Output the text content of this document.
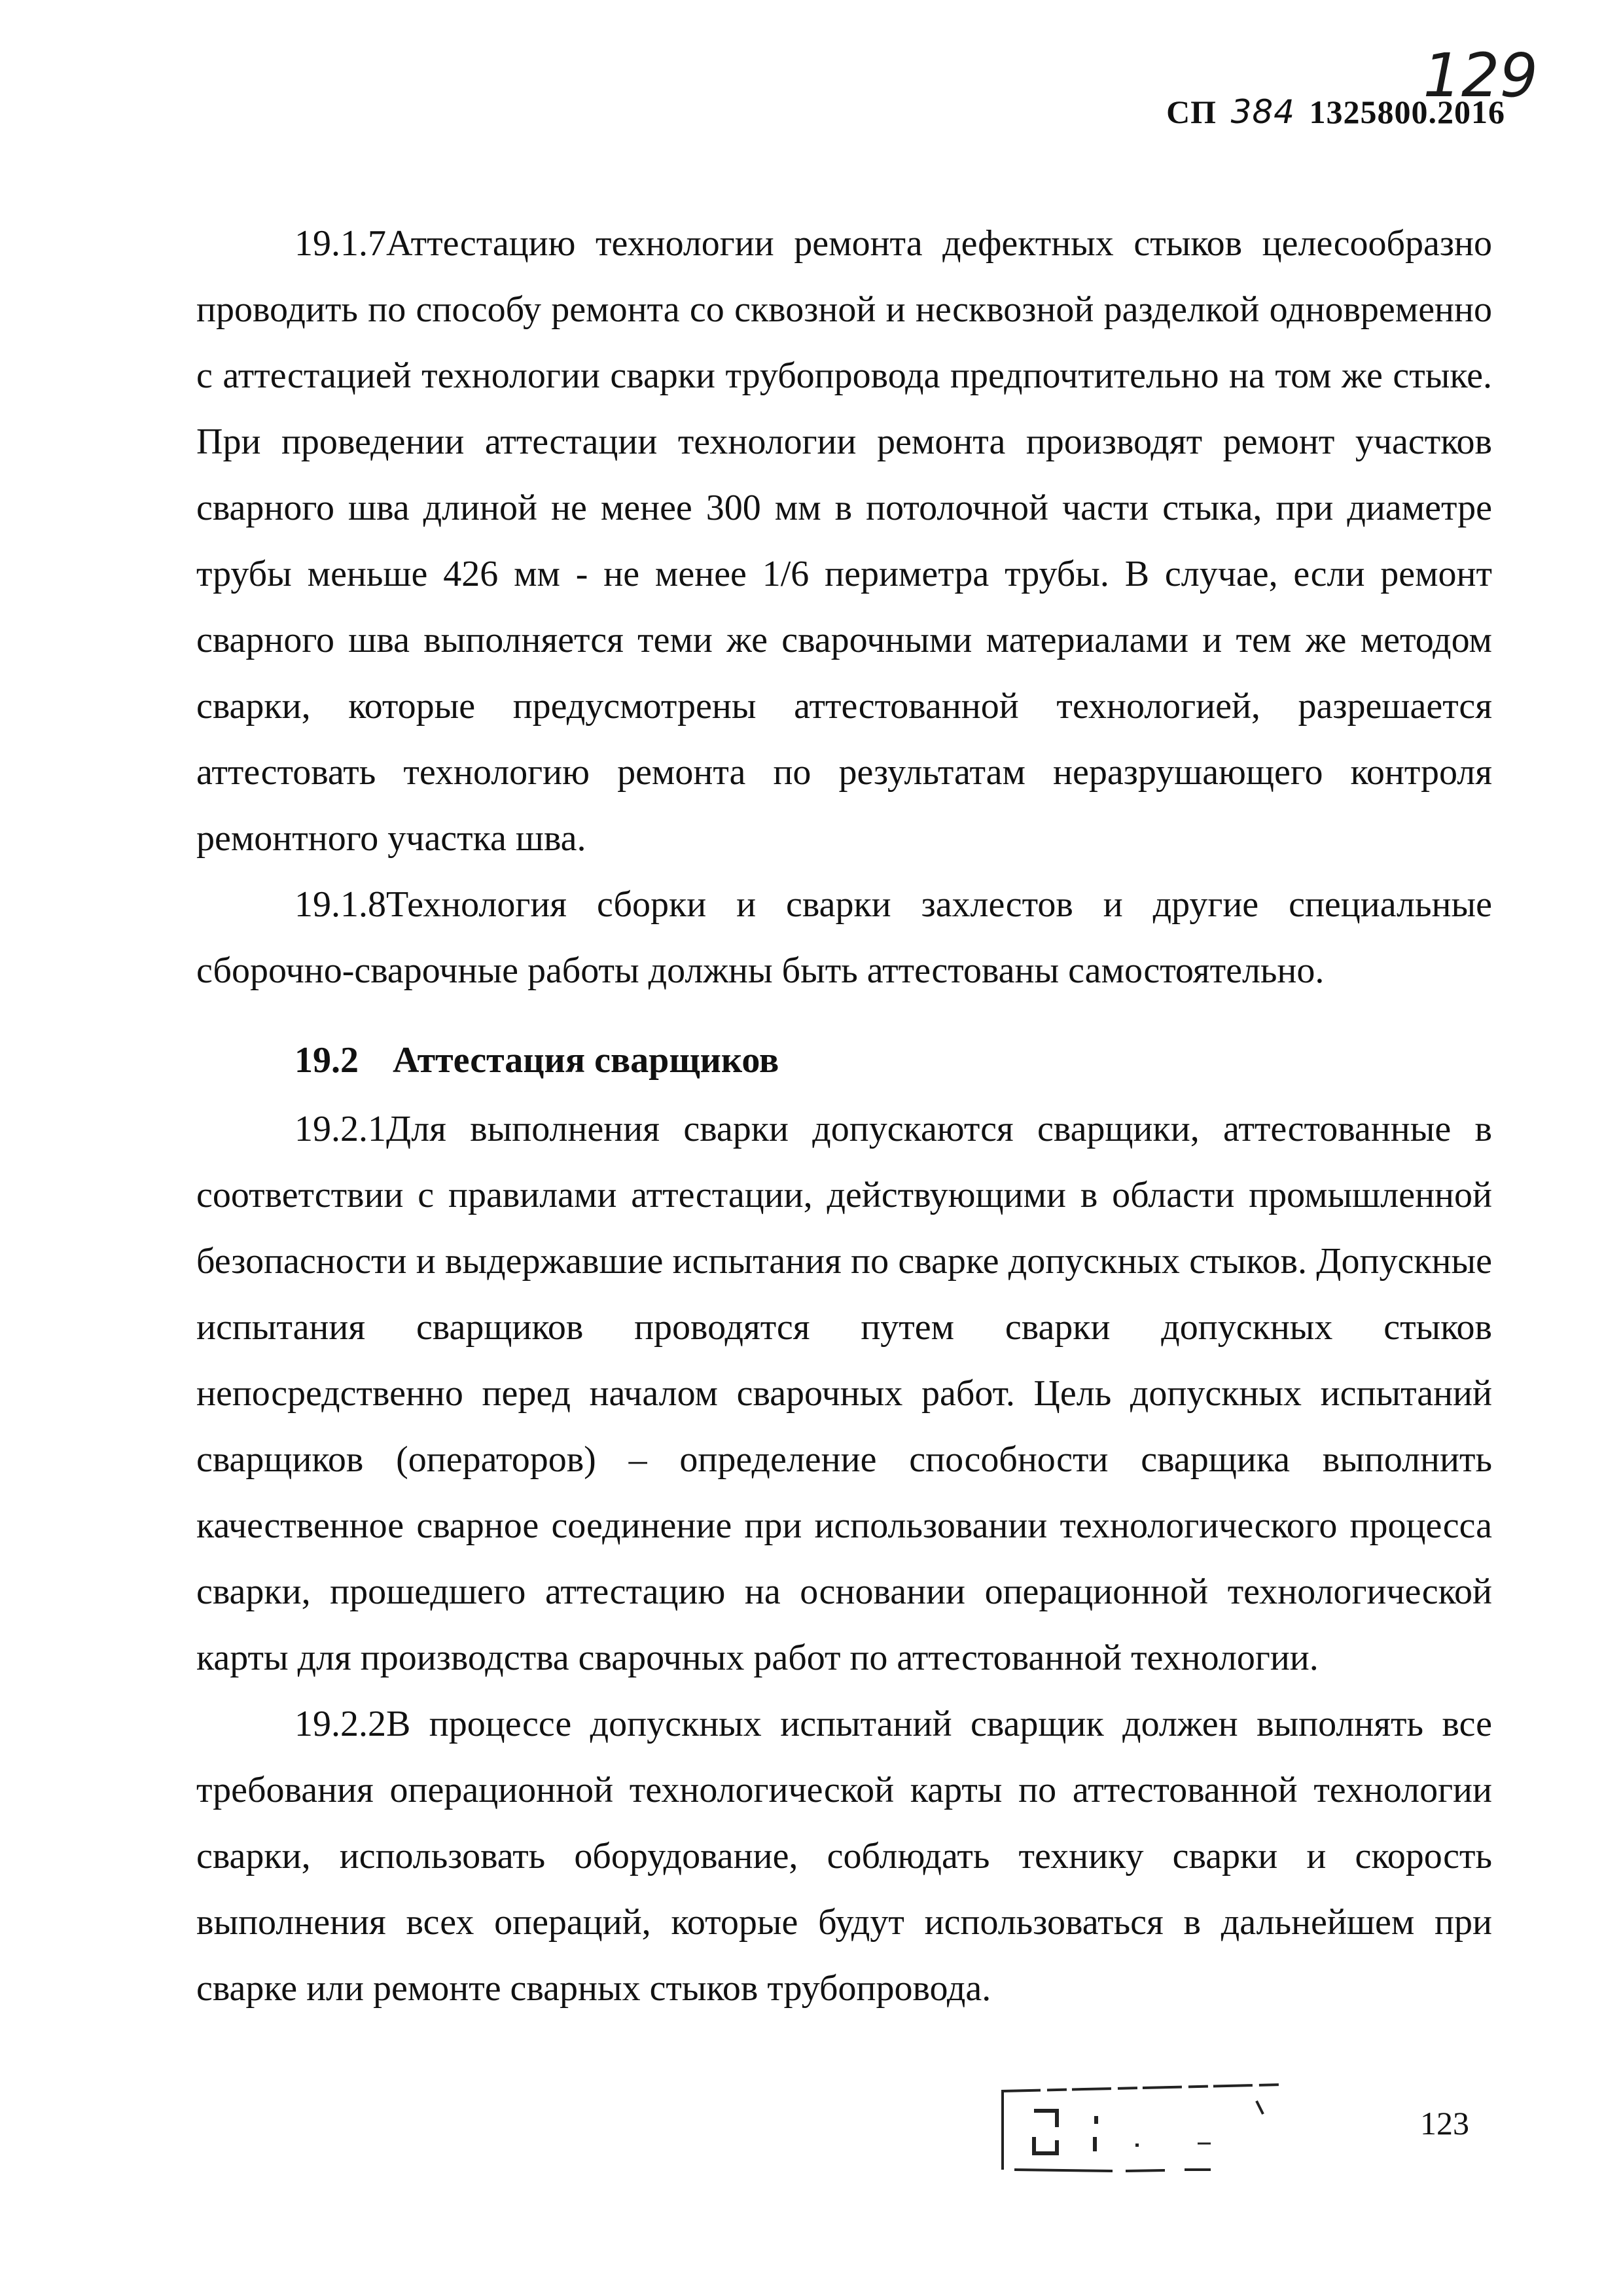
129
СП 384 1325800.2016

19.1.7Аттестацию технологии ремонта дефектных стыков целесообразно проводить по способу ремонта со сквозной и несквозной разделкой одновременно с аттестацией технологии сварки трубопровода предпочтительно на том же стыке. При проведении аттестации технологии ремонта производят ремонт участков сварного шва длиной не менее 300 мм в потолочной части стыка, при диаметре трубы меньше 426 мм - не менее 1/6 периметра трубы. В случае, если ремонт сварного шва выполняется теми же сварочными материалами и тем же методом сварки, которые предусмотрены аттестованной технологией, разрешается аттестовать технологию ремонта по результатам неразрушающего контроля ремонтного участка шва.

19.1.8Технология сборки и сварки захлестов и другие специальные сборочно-сварочные работы должны быть аттестованы самостоятельно.

19.2 Аттестация сварщиков

19.2.1Для выполнения сварки допускаются сварщики, аттестованные в соответствии с правилами аттестации, действующими в области промышленной безопасности и выдержавшие испытания по сварке допускных стыков. Допускные испытания сварщиков проводятся путем сварки допускных стыков непосредственно перед началом сварочных работ. Цель допускных испытаний сварщиков (операторов) – определение способности сварщика выполнить качественное сварное соединение при использовании технологического процесса сварки, прошедшего аттестацию на основании операционной технологической карты для производства сварочных работ по аттестованной технологии.

19.2.2В процессе допускных испытаний сварщик должен выполнять все требования операционной технологической карты по аттестованной технологии сварки, использовать оборудование, соблюдать технику сварки и скорость выполнения всех операций, которые будут использоваться в дальнейшем при сварке или ремонте сварных стыков трубопровода.

123
